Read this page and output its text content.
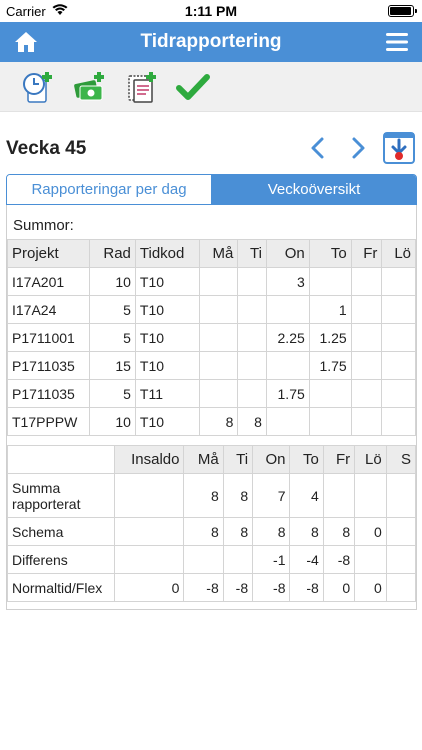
Carrier	1:11 PM
Tidrapportering
Vecka 45
Rapporteringar per dag	Veckoöversikt
Summor:
Projekt	Rad	Tidkod	Må	Ti	On	To	Fr	Lö
I17A201	10	T10			3			
I17A24	5	T10				1		
P1711001	5	T10			2.25	1.25		
P1711035	15	T10				1.75		
P1711035	5	T11			1.75			
T17PPPW	10	T10	8	8				
	Insaldo	Må	Ti	On	To	Fr	Lö	S
Summa rapporterat		8	8	7	4			
Schema		8	8	8	8	8	0	
Differens				-1	-4	-8		
Normaltid/Flex	0	-8	-8	-8	-8	0	0	
